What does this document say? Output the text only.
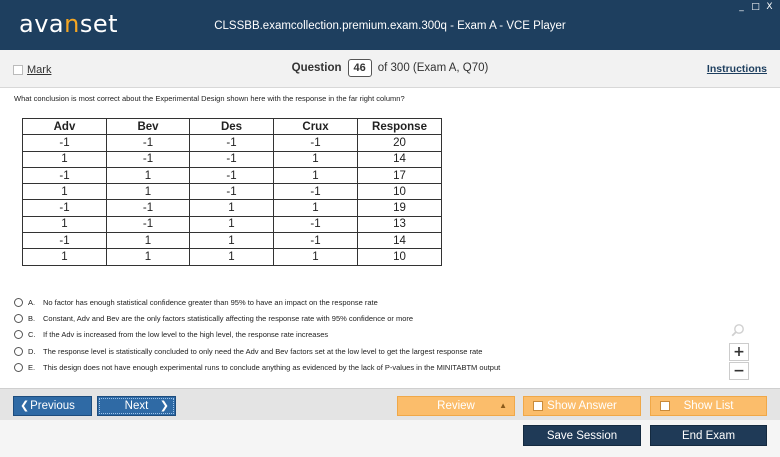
avanset	CLSSBB.examcollection.premium.exam.300q - Exam A - VCE Player
_ □ X
Mark	Question	46	of 300 (Exam A, Q70)	Instructions
What conclusion is most correct about the Experimental Design shown here with the response in the far right column?
Adv	Bev	Des	Crux	Response
-1	-1	-1	-1	20
1	-1	-1	1	14
-1	1	-1	1	17
1	1	-1	-1	10
-1	-1	1	1	19
1	-1	1	-1	13
-1	1	1	-1	14
1	1	1	1	10
A.	No factor has enough statistical confidence greater than 95% to have an impact on the response rate
B.	Constant, Adv and Bev are the only factors statistically affecting the response rate with 95% confidence or more
C.	If the Adv is increased from the low level to the high level, the response rate increases
D.	The response level is statistically concluded to only need the Adv and Bev factors set at the low level to get the largest response rate
E.	This design does not have enough experimental runs to conclude anything as evidenced by the lack of P-values in the MINITABTM output
+
−
❮ Previous	Next ❯	Review	▲	Show Answer	Show List
Save Session	End Exam
